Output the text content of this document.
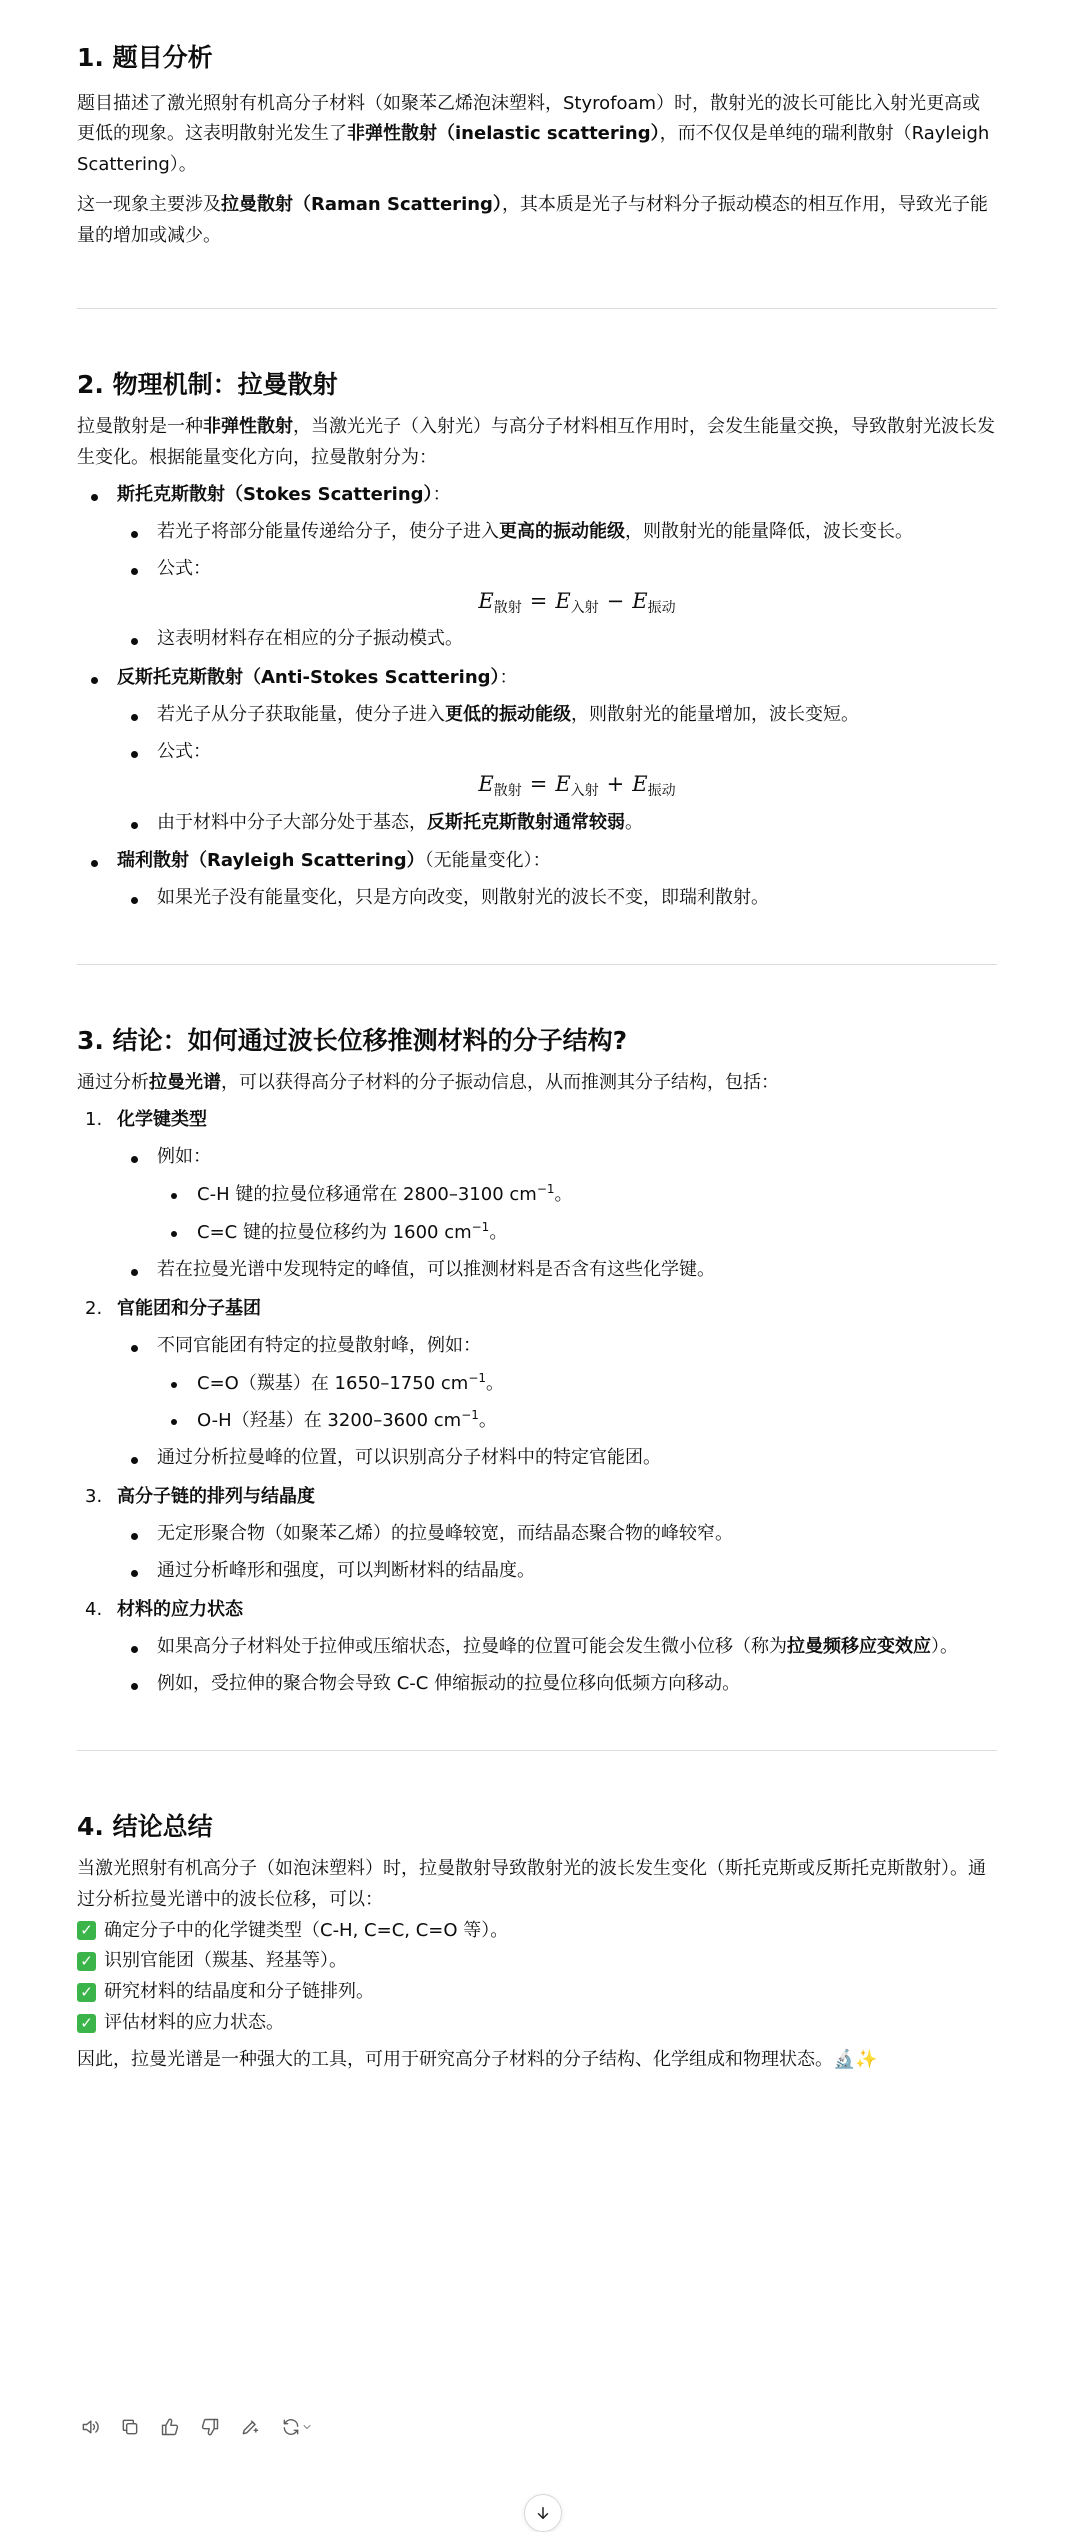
1. 题目分析

题目描述了激光照射有机高分子材料（如聚苯乙烯泡沫塑料，Styrofoam）时，散射光的波长可能比入射光更高或更低的现象。这表明散射光发生了非弹性散射（inelastic scattering），而不仅仅是单纯的瑞利散射（Rayleigh Scattering）。

这一现象主要涉及拉曼散射（Raman Scattering），其本质是光子与材料分子振动模态的相互作用，导致光子能量的增加或减少。

2. 物理机制：拉曼散射

拉曼散射是一种非弹性散射，当激光光子（入射光）与高分子材料相互作用时，会发生能量交换，导致散射光波长发生变化。根据能量变化方向，拉曼散射分为：

斯托克斯散射（Stokes Scattering）：
若光子将部分能量传递给分子，使分子进入更高的振动能级，则散射光的能量降低，波长变长。
公式：
$E_{散射} = E_{入射} - E_{振动}$
这表明材料存在相应的分子振动模式。
反斯托克斯散射（Anti-Stokes Scattering）：
若光子从分子获取能量，使分子进入更低的振动能级，则散射光的能量增加，波长变短。
公式：
$E_{散射} = E_{入射} + E_{振动}$
由于材料中分子大部分处于基态，反斯托克斯散射通常较弱。
瑞利散射（Rayleigh Scattering）（无能量变化）：
如果光子没有能量变化，只是方向改变，则散射光的波长不变，即瑞利散射。
3. 结论：如何通过波长位移推测材料的分子结构?

通过分析拉曼光谱，可以获得高分子材料的分子振动信息，从而推测其分子结构，包括：

1. 化学键类型
例如：
C-H 键的拉曼位移通常在 2800–3100 $cm^{-1}$。
C=C 键的拉曼位移约为 1600 $cm^{-1}$。
若在拉曼光谱中发现特定的峰值，可以推测材料是否含有这些化学键。
2. 官能团和分子基团
不同官能团有特定的拉曼散射峰，例如：
C=O（羰基）在 1650–1750 $cm^{-1}$。
O-H（羟基）在 3200–3600 $cm^{-1}$。
通过分析拉曼峰的位置，可以识别高分子材料中的特定官能团。
3. 高分子链的排列与结晶度
无定形聚合物（如聚苯乙烯）的拉曼峰较宽，而结晶态聚合物的峰较窄。
通过分析峰形和强度，可以判断材料的结晶度。
4. 材料的应力状态
如果高分子材料处于拉伸或压缩状态，拉曼峰的位置可能会发生微小位移（称为拉曼频移应变效应）。
例如，受拉伸的聚合物会导致 C-C 伸缩振动的拉曼位移向低频方向移动。
4. 结论总结

当激光照射有机高分子（如泡沫塑料）时，拉曼散射导致散射光的波长发生变化（斯托克斯或反斯托克斯散射）。通过分析拉曼光谱中的波长位移，可以：

✓ 确定分子中的化学键类型（C-H, C=C, C=O 等）。
✓ 识别官能团（羰基、羟基等）。
✓ 研究材料的结晶度和分子链排列。
✓ 评估材料的应力状态。

因此，拉曼光谱是一种强大的工具，可用于研究高分子材料的分子结构、化学组成和物理状态。🔬✨
